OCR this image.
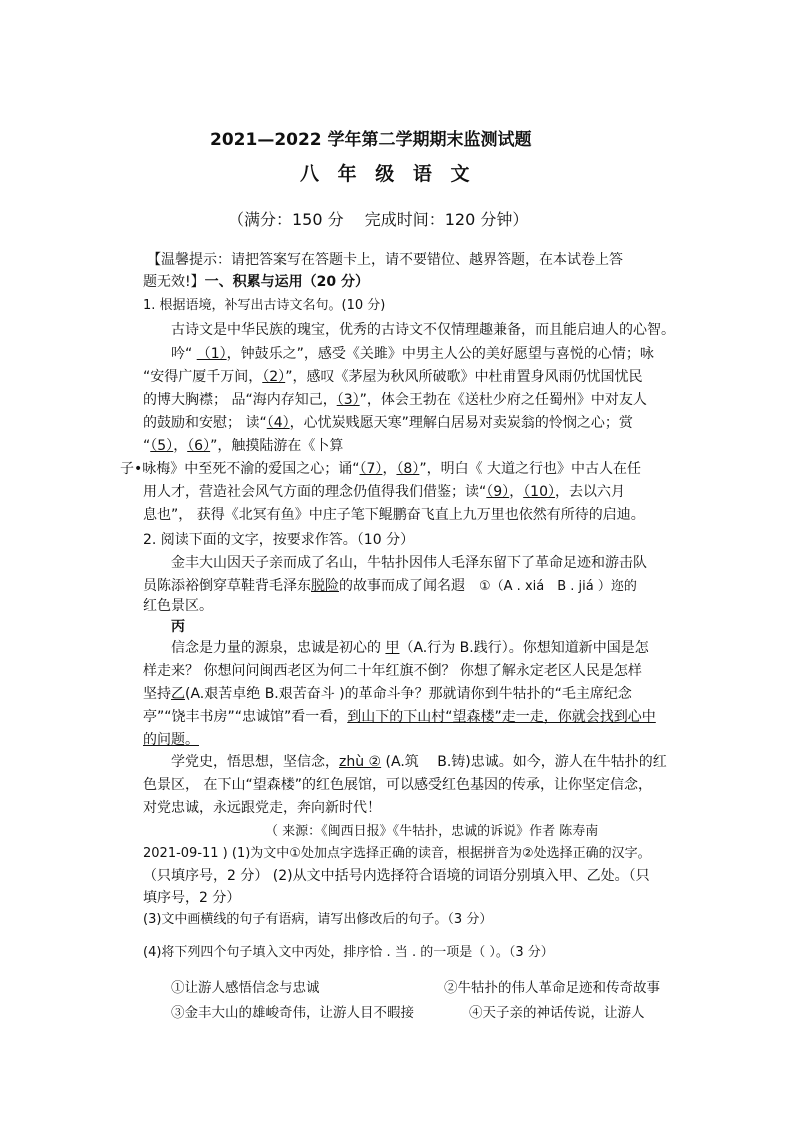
2021—2022 学年第二学期期末监测试题
八 年 级 语 文
（满分：150 分　 完成时间：120 分钟）
【温馨提示：请把答案写在答题卡上，请不要错位、越界答题，在本试卷上答
题无效!】一、积累与运用（20 分）
1. 根据语境，补写出古诗文名句。(10 分)
古诗文是中华民族的瑰宝，优秀的古诗文不仅情理趣兼备，而且能启迪人的心智。
吟“ （1），钟鼓乐之”，感受《关雎》中男主人公的美好愿望与喜悦的心情；咏
“安得广厦千万间，（2）”，感叹《茅屋为秋风所破歌》中杜甫置身风雨仍忧国忧民
的博大胸襟； 品“海内存知己，（3）”，体会王勃在《送杜少府之任蜀州》中对友人
的鼓励和安慰； 读“（4），心忧炭贱愿天寒”理解白居易对卖炭翁的怜悯之心；赏
“（5），（6）”，触摸陆游在《卜算
子•咏梅》中至死不渝的爱国之心；诵“（7），（8）”，明白《 大道之行也》中古人在任
用人才，营造社会风气方面的理念仍值得我们借鉴；读“（9），（10），去以六月
息也”， 获得《北冥有鱼》中庄子笔下鲲鹏奋飞直上九万里也依然有所待的启迪。
2. 阅读下面的文字，按要求作答。（10 分）
金丰大山因天子亲而成了名山，牛牯扑因伟人毛泽东留下了革命足迹和游击队
员陈添裕倒穿草鞋背毛泽东脱险的故事而成了闻名遐 ①（A . xiá　B . jiá ）迩的
红色景区。
丙
信念是力量的源泉，忠诚是初心的 甲（A.行为 B.践行）。你想知道新中国是怎
样走来？ 你想问问闽西老区为何二十年红旗不倒？ 你想了解永定老区人民是怎样
坚持乙(A.艰苦卓绝 B.艰苦奋斗 )的革命斗争？那就请你到牛牯扑的“毛主席纪念
亭”“饶丰书房”“忠诚馆”看一看，到山下的下山村“望森楼”走一走，你就会找到心中
的问题。
学党史，悟思想，坚信念，zhù ② (A.筑　 B.铸)忠诚。如今，游人在牛牯扑的红
色景区， 在下山“望森楼”的红色展馆，可以感受红色基因的传承，让你坚定信念，
对党忠诚，永远跟党走，奔向新时代！
（ 来源：《闽西日报》《牛牯扑，忠诚的诉说》作者 陈寿南
2021-09-11 ) (1)为文中①处加点字选择正确的读音，根据拼音为②处选择正确的汉字。
（只填序号，2 分） (2)从文中括号内选择符合语境的词语分别填入甲、乙处。（只
填序号，2 分）
(3)文中画横线的句子有语病，请写出修改后的句子。（3 分）
(4)将下列四个句子填入文中丙处，排序恰 . 当 . 的一项是（ ）。（3 分）
①让游人感悟信念与忠诚	②牛牯扑的伟人革命足迹和传奇故事
③金丰大山的雄峻奇伟，让游人目不暇接	④天子亲的神话传说，让游人
